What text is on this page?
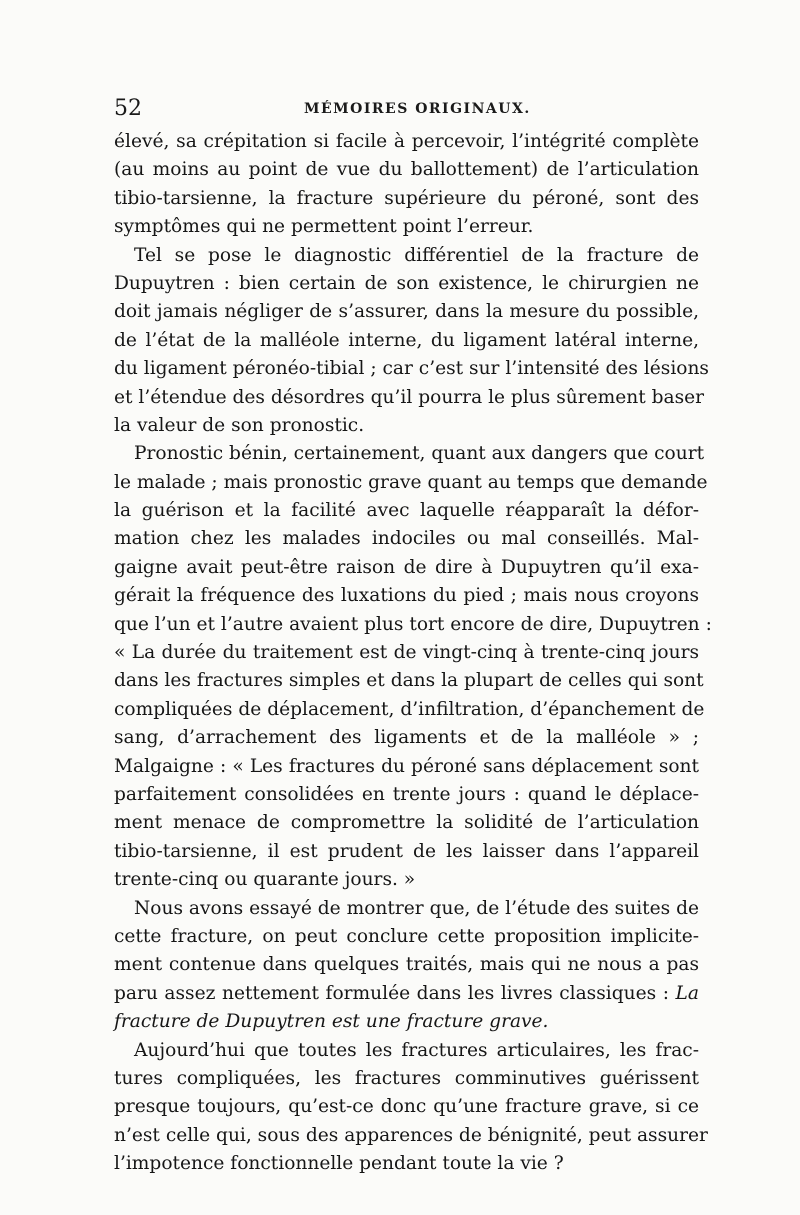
52	MÉMOIRES ORIGINAUX.
élevé, sa crépitation si facile à percevoir, l’intégrité complète
(au moins au point de vue du ballottement) de l’articulation
tibio-tarsienne, la fracture supérieure du péroné, sont des
symptômes qui ne permettent point l’erreur.
Tel se pose le diagnostic différentiel de la fracture de
Dupuytren : bien certain de son existence, le chirurgien ne
doit jamais négliger de s’assurer, dans la mesure du possible,
de l’état de la malléole interne, du ligament latéral interne,
du ligament péronéo-tibial ; car c’est sur l’intensité des lésions
et l’étendue des désordres qu’il pourra le plus sûrement baser
la valeur de son pronostic.
Pronostic bénin, certainement, quant aux dangers que court
le malade ; mais pronostic grave quant au temps que demande
la guérison et la facilité avec laquelle réapparaît la défor-
mation chez les malades indociles ou mal conseillés. Mal-
gaigne avait peut-être raison de dire à Dupuytren qu’il exa-
gérait la fréquence des luxations du pied ; mais nous croyons
que l’un et l’autre avaient plus tort encore de dire, Dupuytren :
« La durée du traitement est de vingt-cinq à trente-cinq jours
dans les fractures simples et dans la plupart de celles qui sont
compliquées de déplacement, d’infiltration, d’épanchement de
sang, d’arrachement des ligaments et de la malléole » ;
Malgaigne : « Les fractures du péroné sans déplacement sont
parfaitement consolidées en trente jours : quand le déplace-
ment menace de compromettre la solidité de l’articulation
tibio-tarsienne, il est prudent de les laisser dans l’appareil
trente-cinq ou quarante jours. »
Nous avons essayé de montrer que, de l’étude des suites de
cette fracture, on peut conclure cette proposition implicite-
ment contenue dans quelques traités, mais qui ne nous a pas
paru assez nettement formulée dans les livres classiques : La
fracture de Dupuytren est une fracture grave.
Aujourd’hui que toutes les fractures articulaires, les frac-
tures compliquées, les fractures comminutives guérissent
presque toujours, qu’est-ce donc qu’une fracture grave, si ce
n’est celle qui, sous des apparences de bénignité, peut assurer
l’impotence fonctionnelle pendant toute la vie ?
